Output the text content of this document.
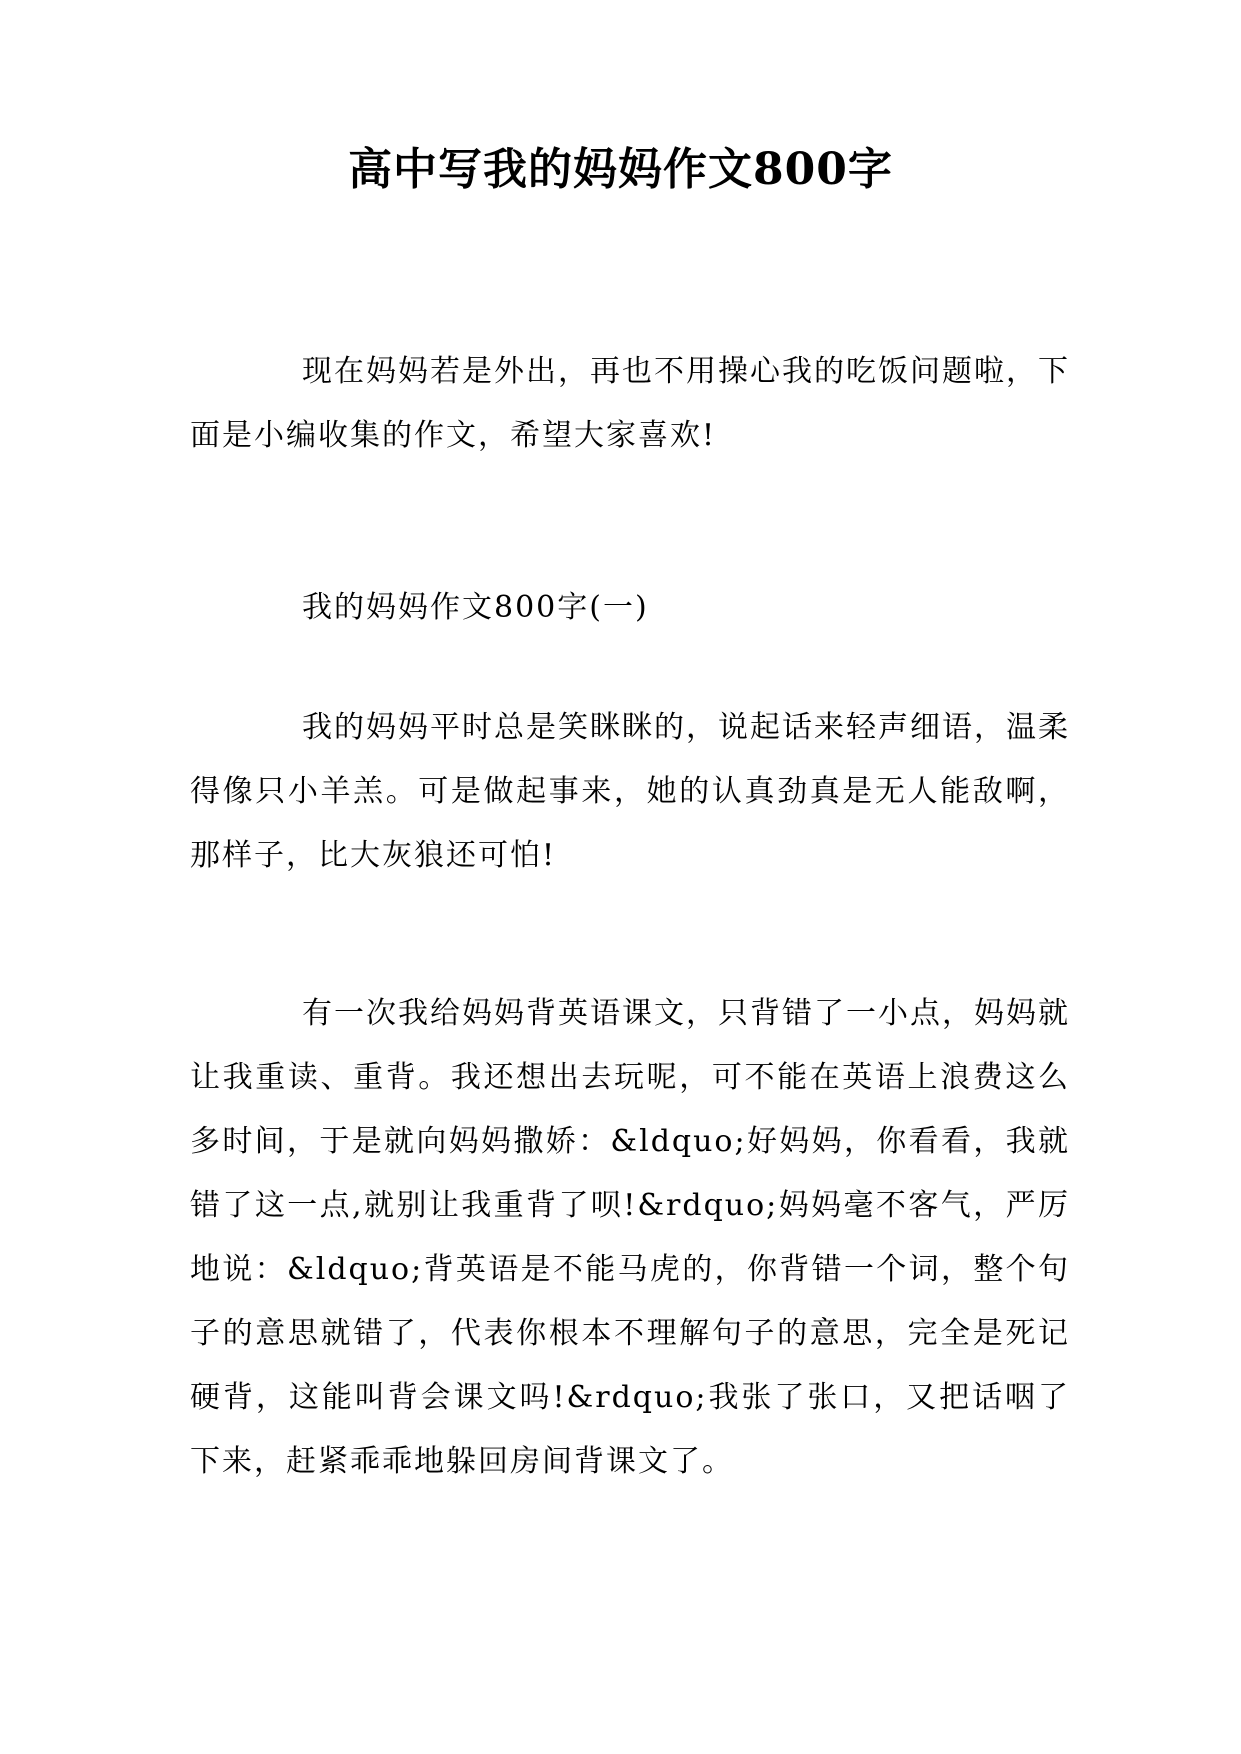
高中写我的妈妈作文800字

现在妈妈若是外出，再也不用操心我的吃饭问题啦，下面是小编收集的作文，希望大家喜欢!

我的妈妈作文800字(一)

我的妈妈平时总是笑眯眯的，说起话来轻声细语，温柔得像只小羊羔。可是做起事来，她的认真劲真是无人能敌啊，那样子，比大灰狼还可怕!

有一次我给妈妈背英语课文，只背错了一小点，妈妈就让我重读、重背。我还想出去玩呢，可不能在英语上浪费这么多时间，于是就向妈妈撒娇：&ldquo;好妈妈，你看看，我就错了这一点,就别让我重背了呗!&rdquo;妈妈毫不客气，严厉地说：&ldquo;背英语是不能马虎的，你背错一个词，整个句子的意思就错了，代表你根本不理解句子的意思，完全是死记硬背，这能叫背会课文吗!&rdquo;我张了张口，又把话咽了下来，赶紧乖乖地躲回房间背课文了。
